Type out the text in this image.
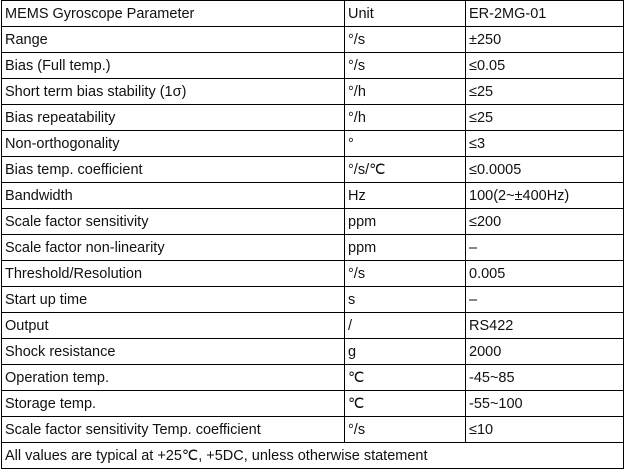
MEMS Gyroscope Parameter	Unit	ER-2MG-01
Range	°/s	±250
Bias (Full temp.)	°/s	≤0.05
Short term bias stability (1σ)	°/h	≤25
Bias repeatability	°/h	≤25
Non-orthogonality	°	≤3
Bias temp. coefficient	°/s/℃	≤0.0005
Bandwidth	Hz	100(2~±400Hz)
Scale factor sensitivity	ppm	≤200
Scale factor non-linearity	ppm	–
Threshold/Resolution	°/s	0.005
Start up time	s	–
Output	/	RS422
Shock resistance	g	2000
Operation temp.	℃	-45~85
Storage temp.	℃	-55~100
Scale factor sensitivity Temp. coefficient	°/s	≤10
All values are typical at +25℃, +5DC, unless otherwise statement		
